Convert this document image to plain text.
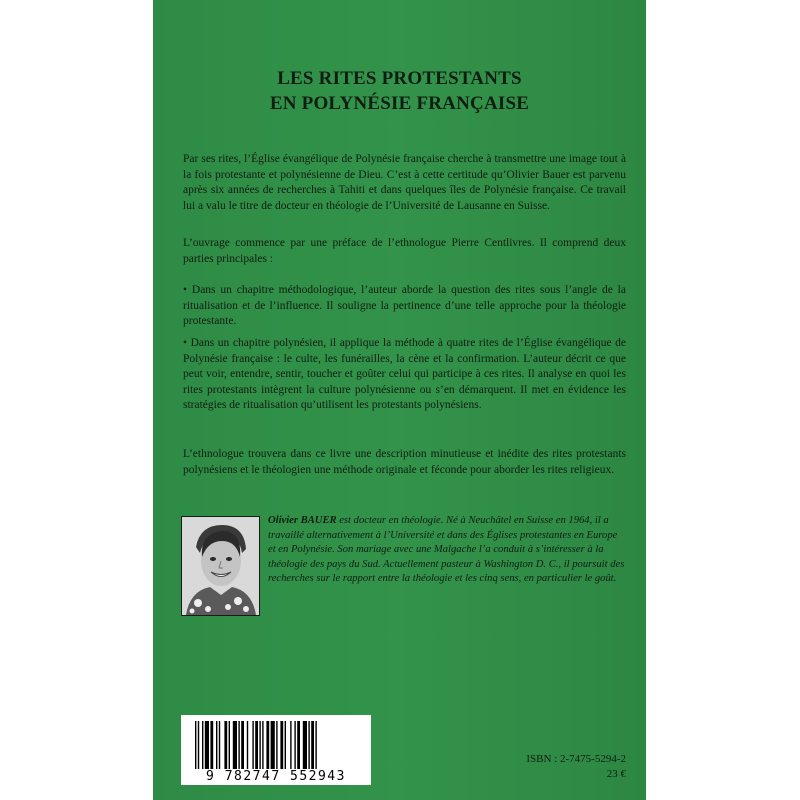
LES RITES PROTESTANTS
EN POLYNÉSIE FRANÇAISE

Par ses rites, l’Église évangélique de Polynésie française cherche à transmettre une image tout à la fois protestante et polynésienne de Dieu. C’est à cette certitude qu’Olivier Bauer est parvenu après six années de recherches à Tahiti et dans quelques îles de Polynésie française. Ce travail lui a valu le titre de docteur en théologie de l’Université de Lausanne en Suisse.

L’ouvrage commence par une préface de l’ethnologue Pierre Centlivres. Il comprend deux parties principales :

• Dans un chapitre méthodologique, l’auteur aborde la question des rites sous l’angle de la ritualisation et de l’influence. Il souligne la pertinence d’une telle approche pour la théologie protestante.

• Dans un chapitre polynésien, il applique la méthode à quatre rites de l’Église évangélique de Polynésie française : le culte, les funérailles, la cène et la confirmation. L’auteur décrit ce que peut voir, entendre, sentir, toucher et goûter celui qui participe à ces rites. Il analyse en quoi les rites protestants intègrent la culture polynésienne ou s’en démarquent. Il met en évidence les stratégies de ritualisation qu’utilisent les protestants polynésiens.

L’ethnologue trouvera dans ce livre une description minutieuse et inédite des rites protestants polynésiens et le théologien une méthode originale et féconde pour aborder les rites religieux.

Olivier BAUER est docteur en théologie. Né à Neuchâtel en Suisse en 1964, il a travaillé alternativement à l’Université et dans des Églises protestantes en Europe et en Polynésie. Son mariage avec une Malgache l’a conduit à s’intéresser à la théologie des pays du Sud. Actuellement pasteur à Washington D. C., il poursuit des recherches sur le rapport entre la théologie et les cinq sens, en particulier le goût.

9 782747 552943
ISBN : 2-7475-5294-2
23 €
